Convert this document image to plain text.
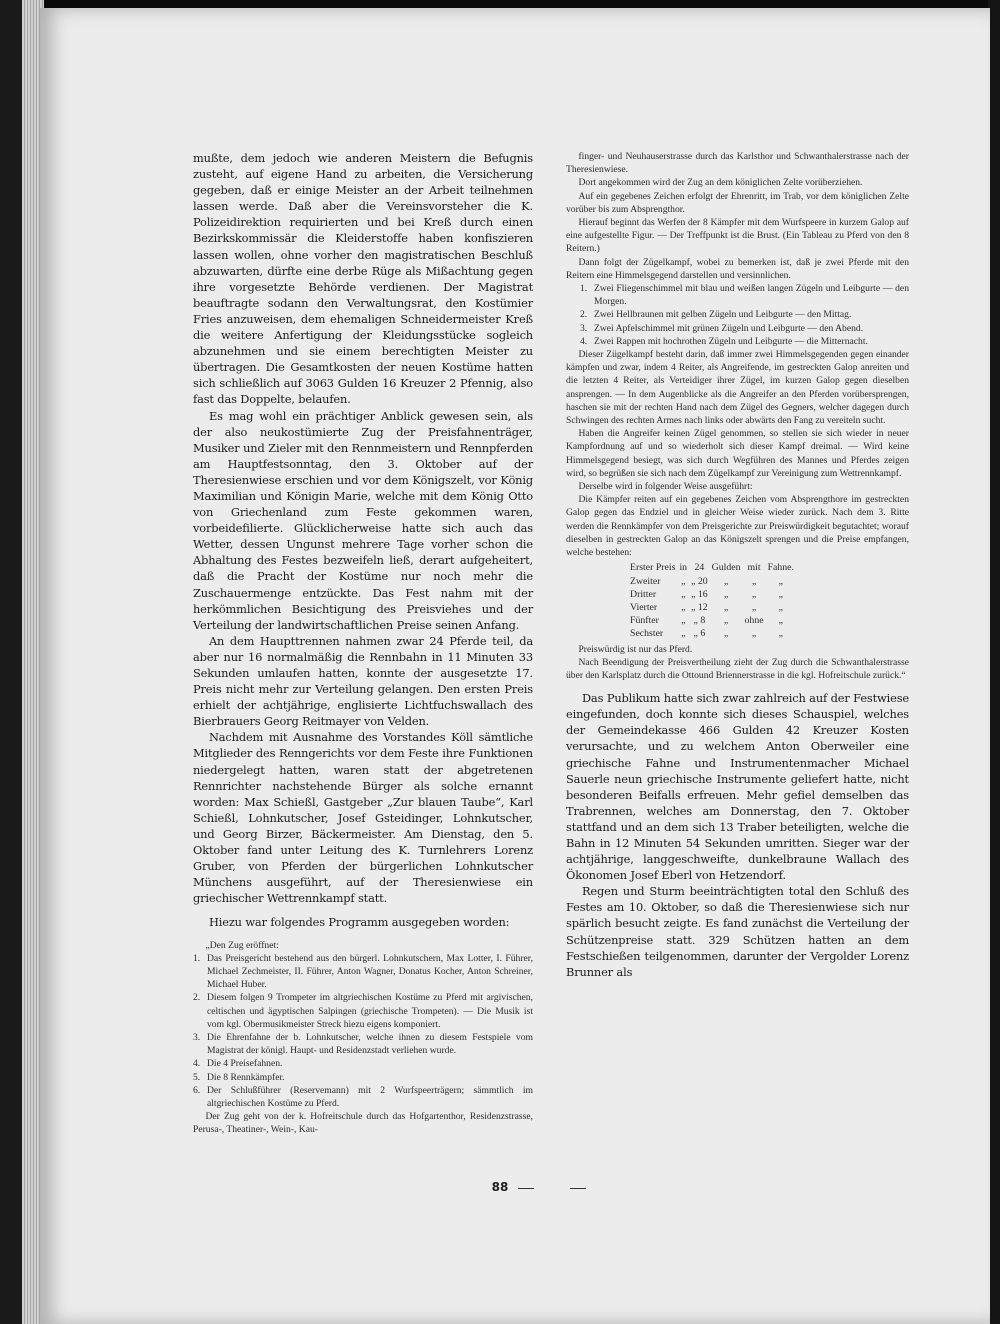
mußte, dem jedoch wie anderen Meistern die Befugnis zusteht, auf eigene Hand zu arbeiten, die Versicherung gegeben, daß er einige Meister an der Arbeit teilnehmen lassen werde. Daß aber die Vereinsvorsteher die K. Polizeidirektion requirierten und bei Kreß durch einen Bezirkskommissär die Kleiderstoffe haben konfiszieren lassen wollen, ohne vorher den magistratischen Beschluß abzuwarten, dürfte eine derbe Rüge als Mißachtung gegen ihre vorgesetzte Behörde verdienen. Der Magistrat beauftragte sodann den Verwaltungsrat, den Kostümier Fries anzuweisen, dem ehemaligen Schneidermeister Kreß die weitere Anfertigung der Kleidungsstücke sogleich abzunehmen und sie einem berechtigten Meister zu übertragen. Die Gesamtkosten der neuen Kostüme hatten sich schließlich auf 3063 Gulden 16 Kreuzer 2 Pfennig, also fast das Doppelte, belaufen.

Es mag wohl ein prächtiger Anblick gewesen sein, als der also neukostümierte Zug der Preisfahnenträger, Musiker und Zieler mit den Rennmeistern und Rennpferden am Hauptfestsonntag, den 3. Oktober auf der Theresienwiese erschien und vor dem Königszelt, vor König Maximilian und Königin Marie, welche mit dem König Otto von Griechenland zum Feste gekommen waren, vorbeidefilierte. Glücklicherweise hatte sich auch das Wetter, dessen Ungunst mehrere Tage vorher schon die Abhaltung des Festes bezweifeln ließ, derart aufgeheitert, daß die Pracht der Kostüme nur noch mehr die Zuschauermenge entzückte. Das Fest nahm mit der herkömmlichen Besichtigung des Preisviehes und der Verteilung der landwirtschaftlichen Preise seinen Anfang.

An dem Haupttrennen nahmen zwar 24 Pferde teil, da aber nur 16 normalmäßig die Rennbahn in 11 Minuten 33 Sekunden umlaufen hatten, konnte der ausgesetzte 17. Preis nicht mehr zur Verteilung gelangen. Den ersten Preis erhielt der achtjährige, englisierte Lichtfuchswallach des Bierbrauers Georg Reitmayer von Velden.

Nachdem mit Ausnahme des Vorstandes Köll sämtliche Mitglieder des Renngerichts vor dem Feste ihre Funktionen niedergelegt hatten, waren statt der abgetretenen Rennrichter nachstehende Bürger als solche ernannt worden: Max Schießl, Gastgeber „Zur blauen Taube“, Karl Schießl, Lohnkutscher, Josef Gsteidinger, Lohnkutscher, und Georg Birzer, Bäckermeister. Am Dienstag, den 5. Oktober fand unter Leitung des K. Turnlehrers Lorenz Gruber, von Pferden der bürgerlichen Lohnkutscher Münchens ausgeführt, auf der Theresienwiese ein griechischer Wettrennkampf statt.

Hiezu war folgendes Programm ausgegeben worden:

„Den Zug eröffnet:

1. Das Preisgericht bestehend aus den bürgerl. Lohnkutschern, Max Lotter, I. Führer, Michael Zechmeister, II. Führer, Anton Wagner, Donatus Kocher, Anton Schreiner, Michael Huber.
2. Diesem folgen 9 Trompeter im altgriechischen Kostüme zu Pferd mit argivischen, celtischen und ägyptischen Salpingen (griechische Trompeten). — Die Musik ist vom kgl. Obermusikmeister Streck hiezu eigens komponiert.
3. Die Ehrenfahne der b. Lohnkutscher, welche ihnen zu diesem Festspiele vom Magistrat der königl. Haupt- und Residenzstadt verliehen wurde.
4. Die 4 Preisefahnen.
5. Die 8 Rennkämpfer.
6. Der Schlußführer (Reservemann) mit 2 Wurfspeerträgern; sämmtlich im altgriechischen Kostüme zu Pferd.

Der Zug geht von der k. Hofreitschule durch das Hofgartenthor, Residenzstrasse, Perusa-, Theatiner-, Wein-, Kau-

finger- und Neuhauserstrasse durch das Karlsthor und Schwanthalerstrasse nach der Theresienwiese.

Dort angekommen wird der Zug an dem königlichen Zelte vorüberziehen.

Auf ein gegebenes Zeichen erfolgt der Ehrenritt, im Trab, vor dem königlichen Zelte vorüber bis zum Absprengthor.

Hierauf beginnt das Werfen der 8 Kämpfer mit dem Wurfspeere in kurzem Galop auf eine aufgestellte Figur. — Der Treffpunkt ist die Brust. (Ein Tableau zu Pferd von den 8 Reitern.)

Dann folgt der Zügelkampf, wobei zu bemerken ist, daß je zwei Pferde mit den Reitern eine Himmelsgegend darstellen und versinnlichen.

1. Zwei Fliegenschimmel mit blau und weißen langen Zügeln und Leibgurte — den Morgen.
2. Zwei Hellbraunen mit gelben Zügeln und Leibgurte — den Mittag.
3. Zwei Apfelschimmel mit grünen Zügeln und Leibgurte — den Abend.
4. Zwei Rappen mit hochrothen Zügeln und Leibgurte — die Mitternacht.

Dieser Zügelkampf besteht darin, daß immer zwei Himmelsgegenden gegen einander kämpfen und zwar, indem 4 Reiter, als Angreifende, im gestreckten Galop anreiten und die letzten 4 Reiter, als Verteidiger ihrer Zügel, im kurzen Galop gegen dieselben ansprengen. — In dem Augenblicke als die Angreifer an den Pferden vorübersprengen, haschen sie mit der rechten Hand nach dem Zügel des Gegners, welcher dagegen durch Schwingen des rechten Armes nach links oder abwärts den Fang zu vereiteln sucht.

Haben die Angreifer keinen Zügel genommen, so stellen sie sich wieder in neuer Kampfordnung auf und so wiederholt sich dieser Kampf dreimal. — Wird keine Himmelsgegend besiegt, was sich durch Wegführen des Mannes und Pferdes zeigen wird, so begrüßen sie sich nach dem Zügelkampf zur Vereinigung zum Wettrennkampf.

Derselbe wird in folgender Weise ausgeführt:

Die Kämpfer reiten auf ein gegebenes Zeichen vom Absprengthore im gestreckten Galop gegen das Endziel und in gleicher Weise wieder zurück. Nach dem 3. Ritte werden die Rennkämpfer von dem Preisgerichte zur Preiswürdigkeit begutachtet; worauf dieselben in gestreckten Galop an das Königszelt sprengen und die Preise empfangen, welche bestehen:

Erster Preis	in	24	Gulden	mit	Fahne.
Zweiter	„	„ 20	„	„	„
Dritter	„	„ 16	„	„	„
Vierter	„	„ 12	„	„	„
Fünfter	„	„ 8	„	ohne	„
Sechster	„	„ 6	„	„	„

Preiswürdig ist nur das Pferd.

Nach Beendigung der Preisvertheilung zieht der Zug durch die Schwanthalerstrasse über den Karlsplatz durch die Ottound Briennerstrasse in die kgl. Hofreitschule zurück.“

Das Publikum hatte sich zwar zahlreich auf der Festwiese eingefunden, doch konnte sich dieses Schauspiel, welches der Gemeindekasse 466 Gulden 42 Kreuzer Kosten verursachte, und zu welchem Anton Oberweiler eine griechische Fahne und Instrumentenmacher Michael Sauerle neun griechische Instrumente geliefert hatte, nicht besonderen Beifalls erfreuen. Mehr gefiel demselben das Trabrennen, welches am Donnerstag, den 7. Oktober stattfand und an dem sich 13 Traber beteiligten, welche die Bahn in 12 Minuten 54 Sekunden umritten. Sieger war der achtjährige, langgeschweifte, dunkelbraune Wallach des Ökonomen Josef Eberl von Hetzendorf.

Regen und Sturm beeinträchtigten total den Schluß des Festes am 10. Oktober, so daß die Theresienwiese sich nur spärlich besucht zeigte. Es fand zunächst die Verteilung der Schützenpreise statt. 329 Schützen hatten an dem Festschießen teilgenommen, darunter der Vergolder Lorenz Brunner als

88
